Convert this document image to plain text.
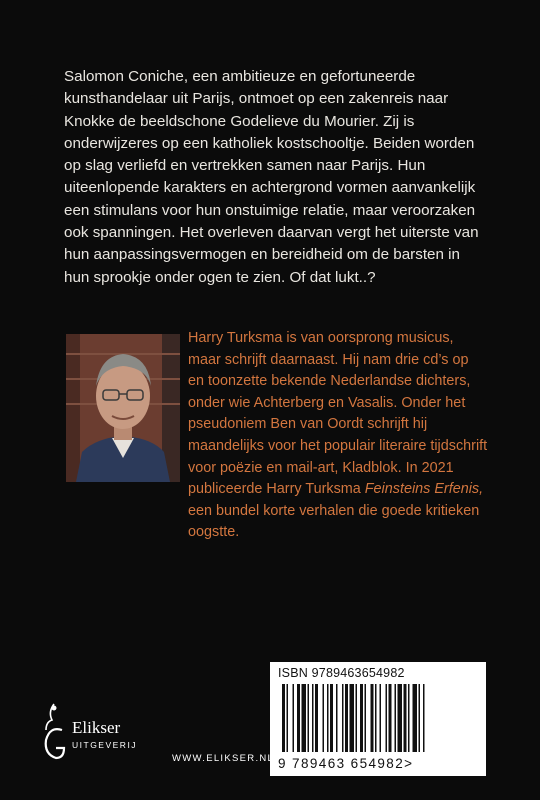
Salomon Coniche, een ambitieuze en gefortuneerde kunsthandelaar uit Parijs, ontmoet op een zakenreis naar Knokke de beeldschone Godelieve du Mourier. Zij is onderwijzeres op een katholiek kostschooltje. Beiden worden op slag verliefd en vertrekken samen naar Parijs. Hun uiteenlopende karakters en achtergrond vormen aanvankelijk een stimulans voor hun onstuimige relatie, maar veroorzaken ook spanningen. Het overleven daarvan vergt het uiterste van hun aanpassingsvermogen en bereidheid om de barsten in hun sprookje onder ogen te zien. Of dat lukt..?

Harry Turksma is van oorsprong musicus, maar schrijft daarnaast. Hij nam drie cd’s op en toonzette bekende Nederlandse dichters, onder wie Achterberg en Vasalis. Onder het pseudoniem Ben van Oordt schrijft hij maandelijks voor het populair literaire tijdschrift voor poëzie en mail-art, Kladblok. In 2021 publiceerde Harry Turksma Feinsteins Erfenis, een bundel korte verhalen die goede kritieken oogstte.

ISBN 9789463654982
9 789463 654982>
Elikser
UITGEVERIJ
WWW.ELIKSER.NL
